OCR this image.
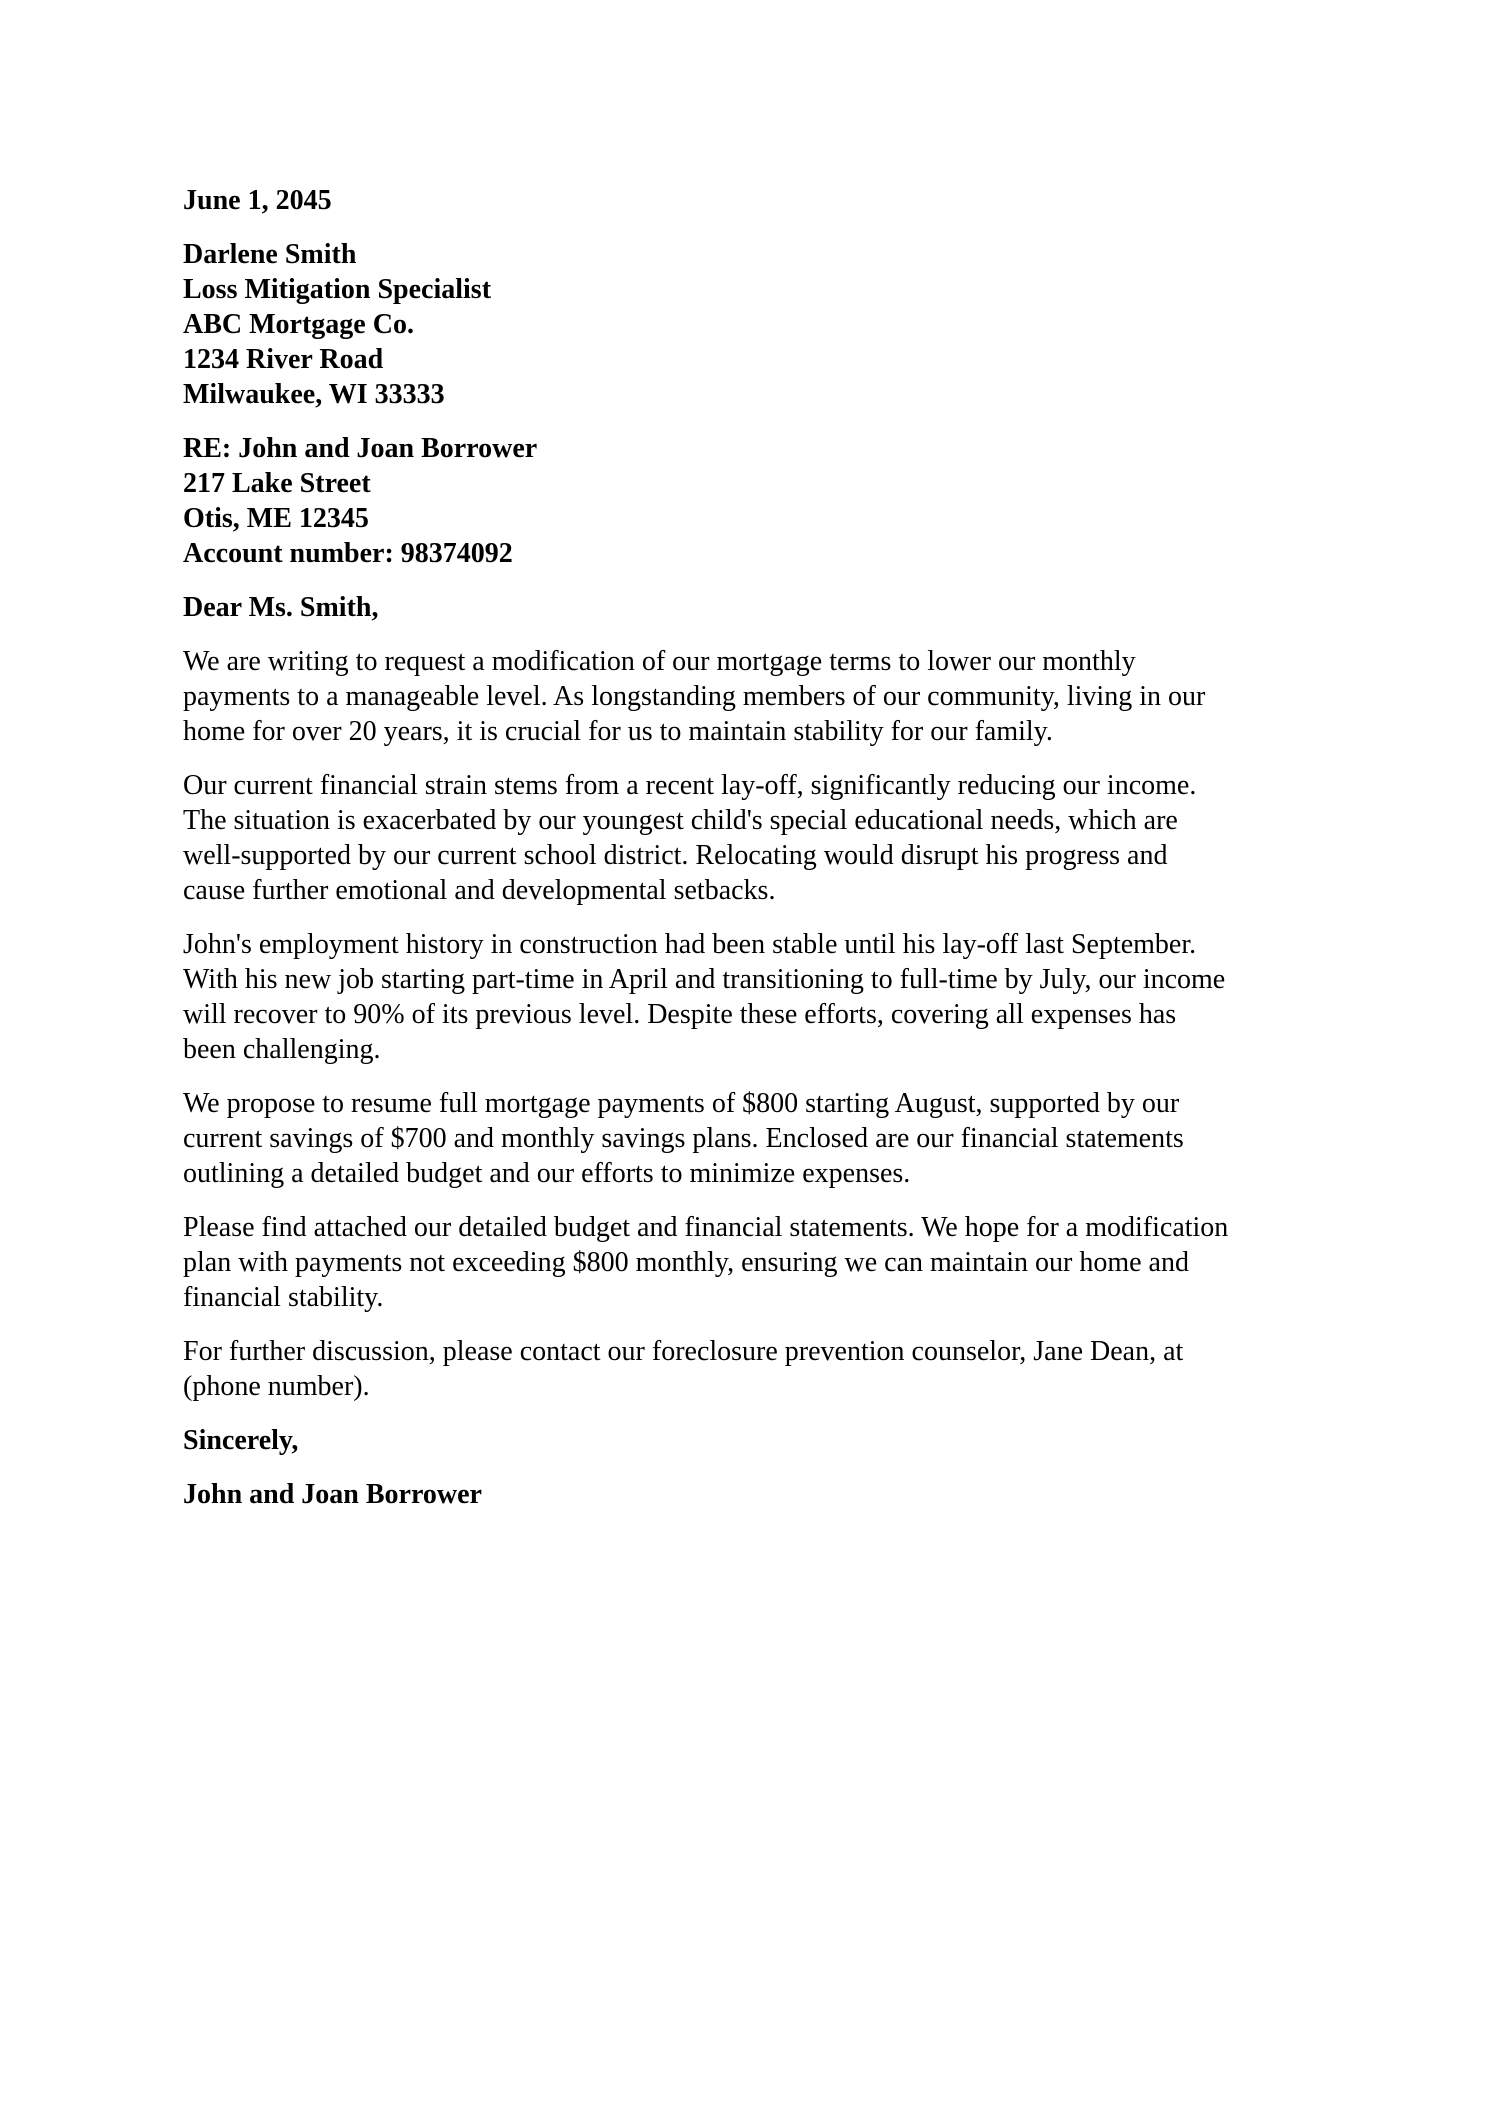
June 1, 2045

Darlene Smith
Loss Mitigation Specialist
ABC Mortgage Co.
1234 River Road
Milwaukee, WI 33333

RE: John and Joan Borrower
217 Lake Street
Otis, ME 12345
Account number: 98374092

Dear Ms. Smith,

We are writing to request a modification of our mortgage terms to lower our monthly
payments to a manageable level. As longstanding members of our community, living in our
home for over 20 years, it is crucial for us to maintain stability for our family.

Our current financial strain stems from a recent lay-off, significantly reducing our income.
The situation is exacerbated by our youngest child's special educational needs, which are
well-supported by our current school district. Relocating would disrupt his progress and
cause further emotional and developmental setbacks.

John's employment history in construction had been stable until his lay-off last September.
With his new job starting part-time in April and transitioning to full-time by July, our income
will recover to 90% of its previous level. Despite these efforts, covering all expenses has
been challenging.

We propose to resume full mortgage payments of $800 starting August, supported by our
current savings of $700 and monthly savings plans. Enclosed are our financial statements
outlining a detailed budget and our efforts to minimize expenses.

Please find attached our detailed budget and financial statements. We hope for a modification
plan with payments not exceeding $800 monthly, ensuring we can maintain our home and
financial stability.

For further discussion, please contact our foreclosure prevention counselor, Jane Dean, at
(phone number).

Sincerely,

John and Joan Borrower
